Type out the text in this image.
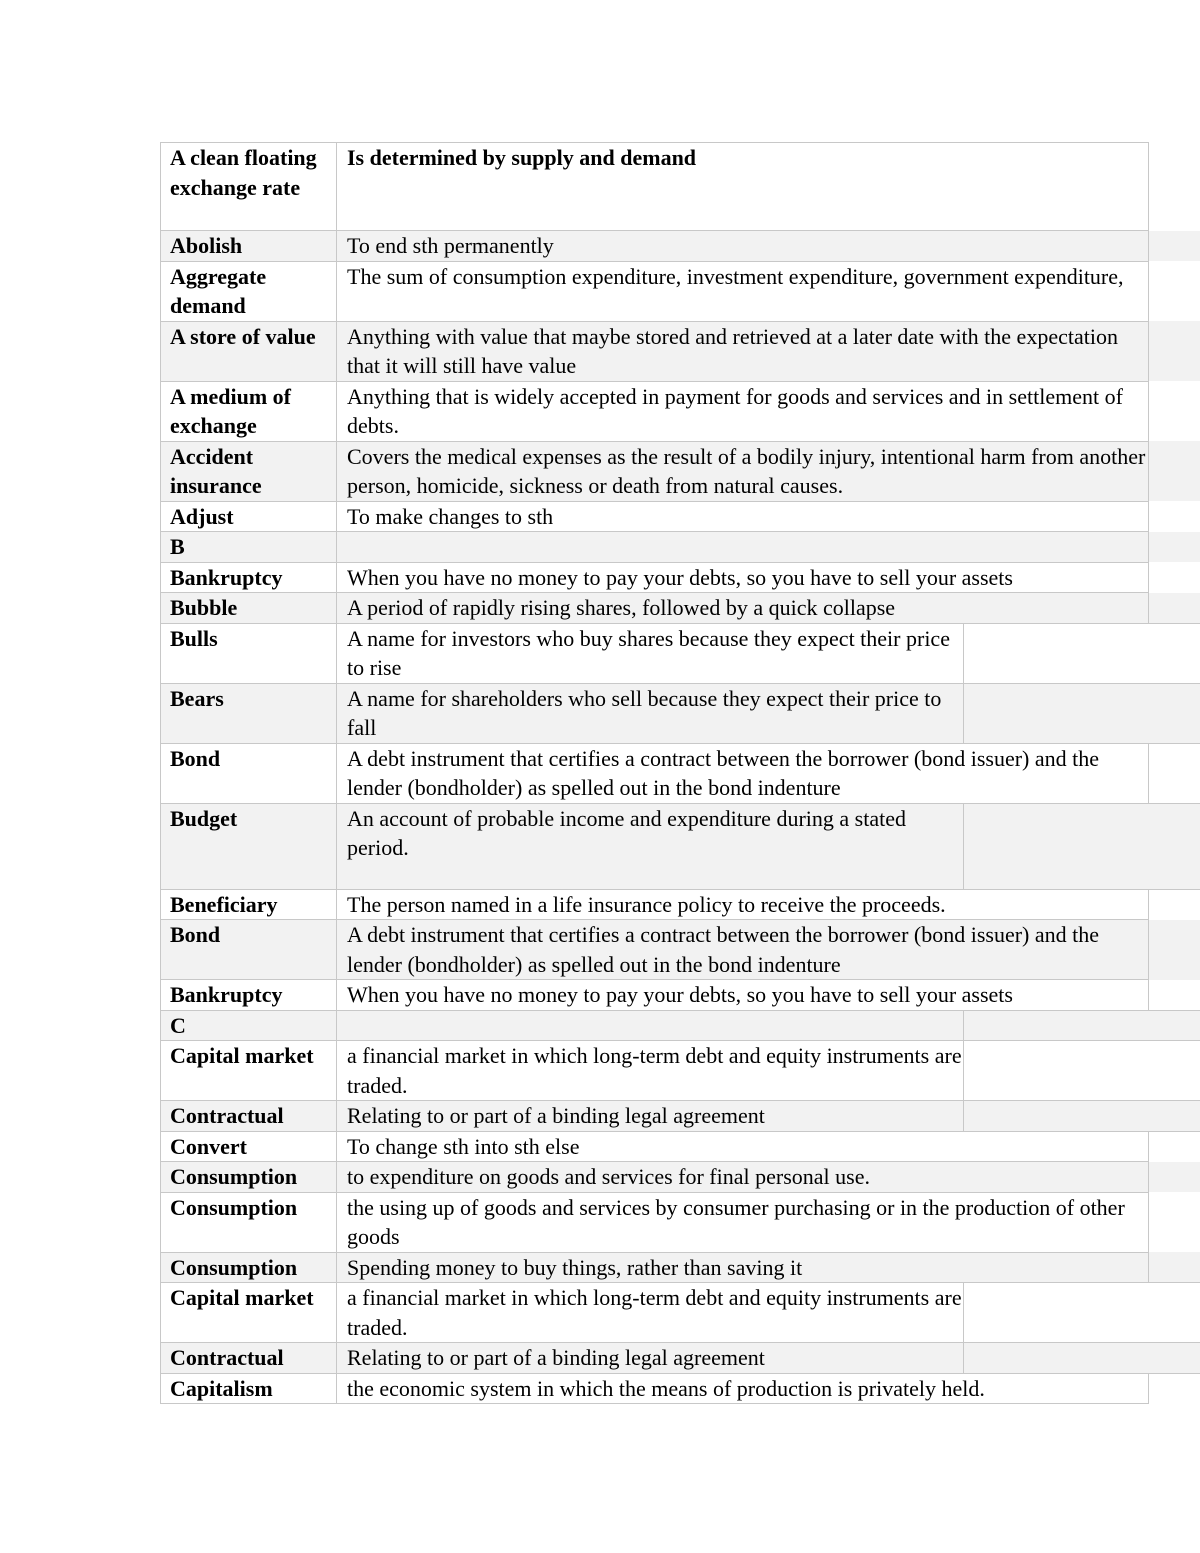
A clean floating exchange rate	Is determined by supply and demand		
Abolish	To end sth permanently		
Aggregate demand	The sum of consumption expenditure, investment expenditure, government expenditure,		
A store of value	Anything with value that maybe stored and retrieved at a later date with the expectation that it will still have value		
A medium of exchange	Anything that is widely accepted in payment for goods and services and in settlement of debts.		
Accident insurance	Covers the medical expenses as the result of a bodily injury, intentional harm from another person, homicide, sickness or death from natural causes.		
Adjust	To make changes to sth		
B			
Bankruptcy	When you have no money to pay your debts, so you have to sell your assets		
Bubble	A period of rapidly rising shares, followed by a quick collapse		
Bulls	A name for investors who buy shares because they expect their price to rise		
Bears	A name for shareholders who sell because they expect their price to fall		
Bond	A debt instrument that certifies a contract between the borrower (bond issuer) and the lender (bondholder) as spelled out in the bond indenture		
Budget	An account of probable income and expenditure during a stated period.		
Beneficiary	The person named in a life insurance policy to receive the proceeds.		
Bond	A debt instrument that certifies a contract between the borrower (bond issuer) and the lender (bondholder) as spelled out in the bond indenture		
Bankruptcy	When you have no money to pay your debts, so you have to sell your assets		
C			
Capital market	a financial market in which long-term debt and equity instruments are traded.		
Contractual	Relating to or part of a binding legal agreement		
Convert	To change sth into sth else		
Consumption	to expenditure on goods and services for final personal use.		
Consumption	the using up of goods and services by consumer purchasing or in the production of other goods		
Consumption	Spending money to buy things, rather than saving it		
Capital market	a financial market in which long-term debt and equity instruments are traded.		
Contractual	Relating to or part of a binding legal agreement		
Capitalism	the economic system in which the means of production is privately held.		
